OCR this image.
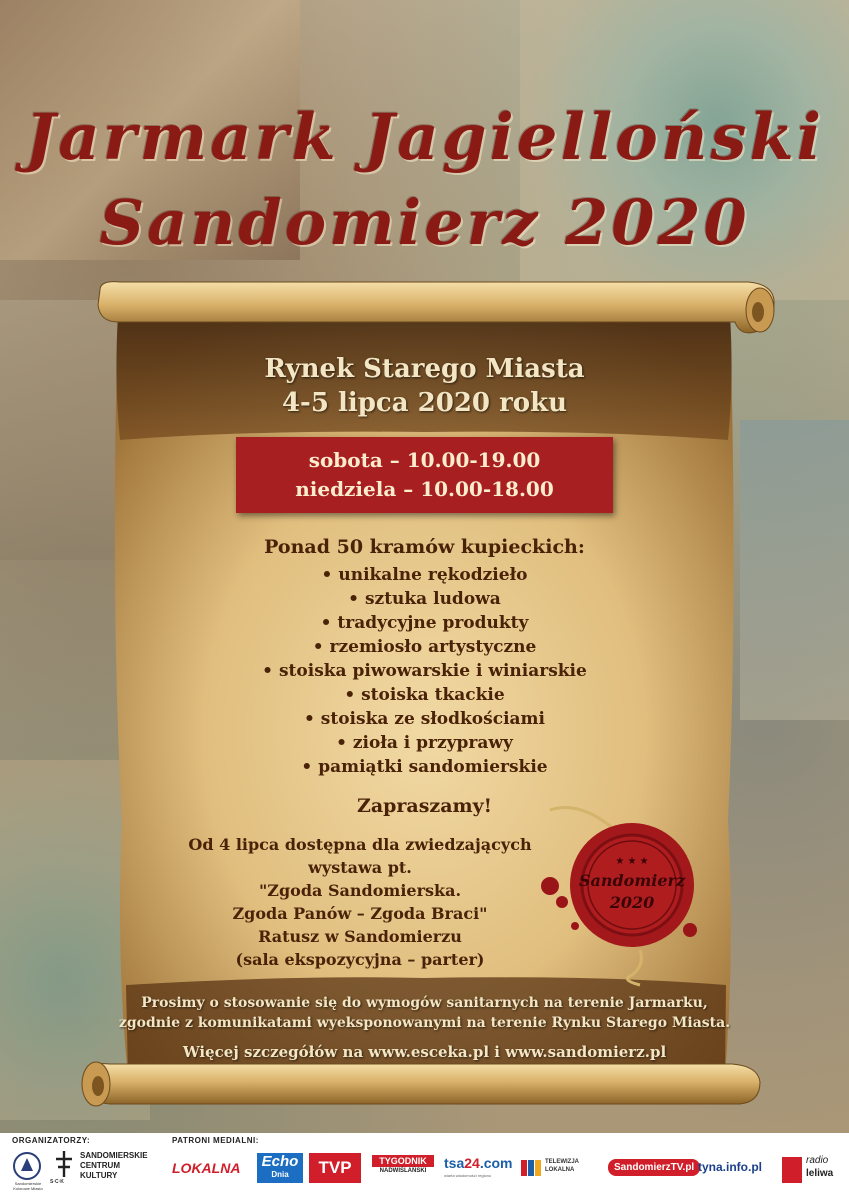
Jarmark Jagielloński
Sandomierz 2020
Rynek Starego Miasta
4-5 lipca 2020 roku
sobota – 10.00-19.00
niedziela – 10.00-18.00
Ponad 50 kramów kupieckich:
• unikalne rękodzieło
• sztuka ludowa
• tradycyjne produkty
• rzemiosło artystyczne
• stoiska piwowarskie i winiarskie
• stoiska tkackie
• stoiska ze słodkościami
• zioła i przyprawy
• pamiątki sandomierskie
Zapraszamy!
Od 4 lipca dostępna dla zwiedzających
wystawa pt.
"Zgoda Sandomierska.
Zgoda Panów – Zgoda Braci"
Ratusz w Sandomierzu
(sala ekspozycyjna – parter)
★ ★ ★
Sandomierz
2020
Prosimy o stosowanie się do wymogów sanitarnych na terenie Jarmarku,
zgodnie z komunikatami wyeksponowanymi na terenie Rynku Starego Miasta.
Więcej szczegółów na www.esceka.pl i www.sandomierz.pl
ORGANIZATORZY:	PATRONI MEDIALNI:
Sandomierskie Kolorowe Miasto
S·C·K
SANDOMIERSKIE
CENTRUM
KULTURY	LOKALNA	Echo
Dnia	TVP	TYGODNIK
NADWIŚLAŃSKI	tsa24.com
wiarta wiadomości regionu
TELEWIZJA
LOKALNA	SandomierzTV.pl tyna.info.pl	radio
leliwa
